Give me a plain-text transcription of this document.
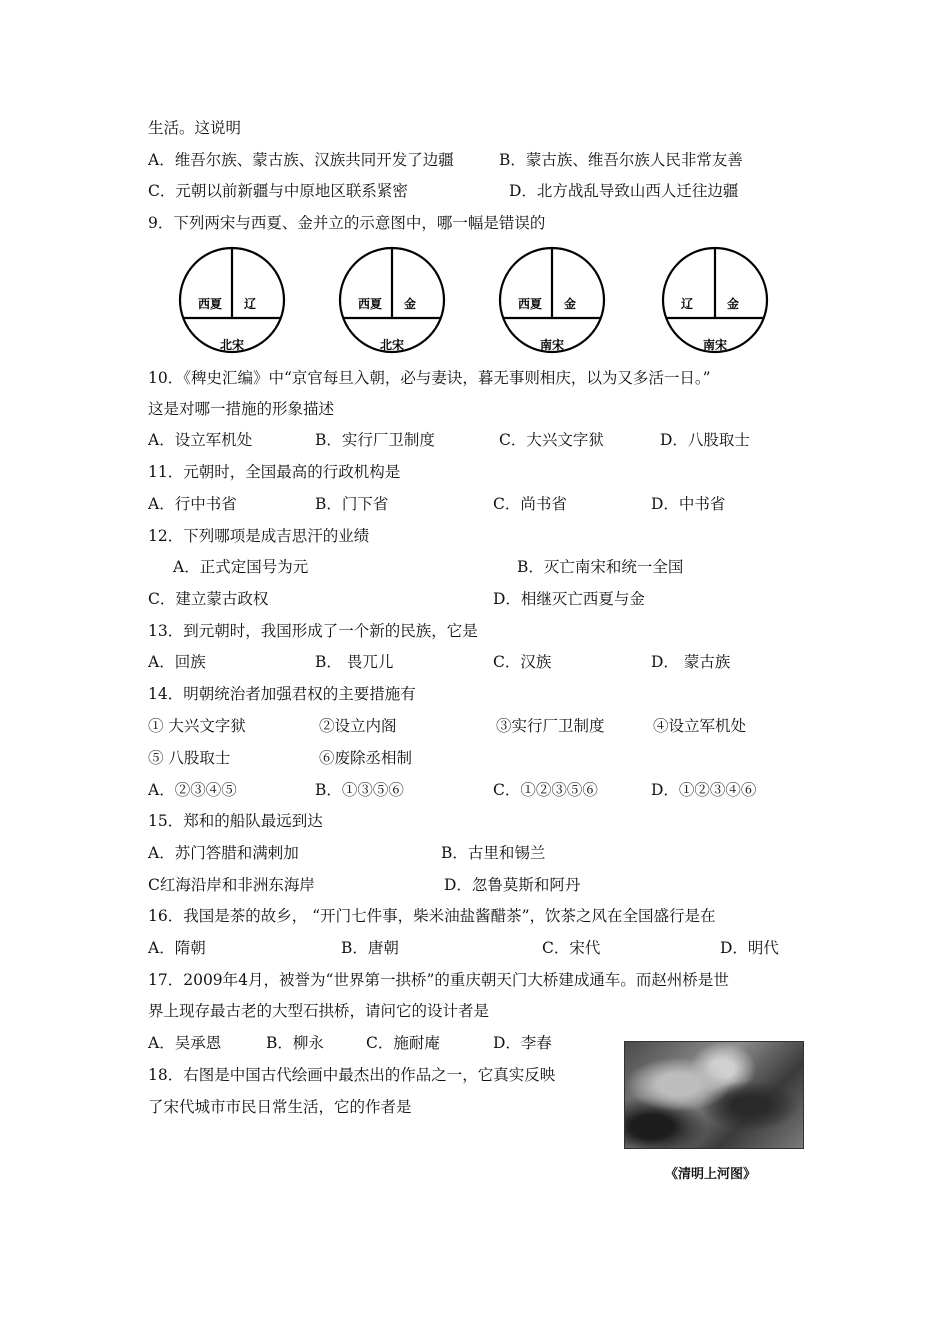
生活。这说明
A．维吾尔族、蒙古族、汉族共同开发了边疆	B．蒙古族、维吾尔族人民非常友善
C．元朝以前新疆与中原地区联系紧密	D．北方战乱导致山西人迁往边疆
9．下列两宋与西夏、金并立的示意图中，哪一幅是错误的
西夏 辽
北宋
西夏 金
北宋
西夏 金
南宋
辽	金
南宋
10．《稗史汇编》中“京官每旦入朝，必与妻诀，暮无事则相庆，以为又多活一日。”
这是对哪一措施的形象描述
A．设立军机处	B．实行厂卫制度	C．大兴文字狱	D．八股取士
11．元朝时，全国最高的行政机构是
A．行中书省	B．门下省	C．尚书省	D．中书省
12．下列哪项是成吉思汗的业绩
A．正式定国号为元	B．灭亡南宋和统一全国
C．建立蒙古政权	D．相继灭亡西夏与金
13．到元朝时，我国形成了一个新的民族，它是
A．回族	B． 畏兀儿	C．汉族	D． 蒙古族
14．明朝统治者加强君权的主要措施有
① 大兴文字狱	②设立内阁	③实行厂卫制度	④设立军机处
⑤ 八股取士	⑥废除丞相制
A．②③④⑤	B．①③⑤⑥	C．①②③⑤⑥	D．①②③④⑥
15．郑和的船队最远到达
A．苏门答腊和满剌加	B．古里和锡兰
C红海沿岸和非洲东海岸	D．忽鲁莫斯和阿丹
16．我国是茶的故乡， “开门七件事，柴米油盐酱醋茶”，饮茶之风在全国盛行是在
A．隋朝	B．唐朝	C．宋代	D．明代
17．2009年4月，被誉为“世界第一拱桥”的重庆朝天门大桥建成通车。而赵州桥是世
界上现存最古老的大型石拱桥，请问它的设计者是
A．吴承恩	B．柳永	C．施耐庵	D．李春
18．右图是中国古代绘画中最杰出的作品之一，它真实反映
了宋代城市市民日常生活，它的作者是
《清明上河图》
